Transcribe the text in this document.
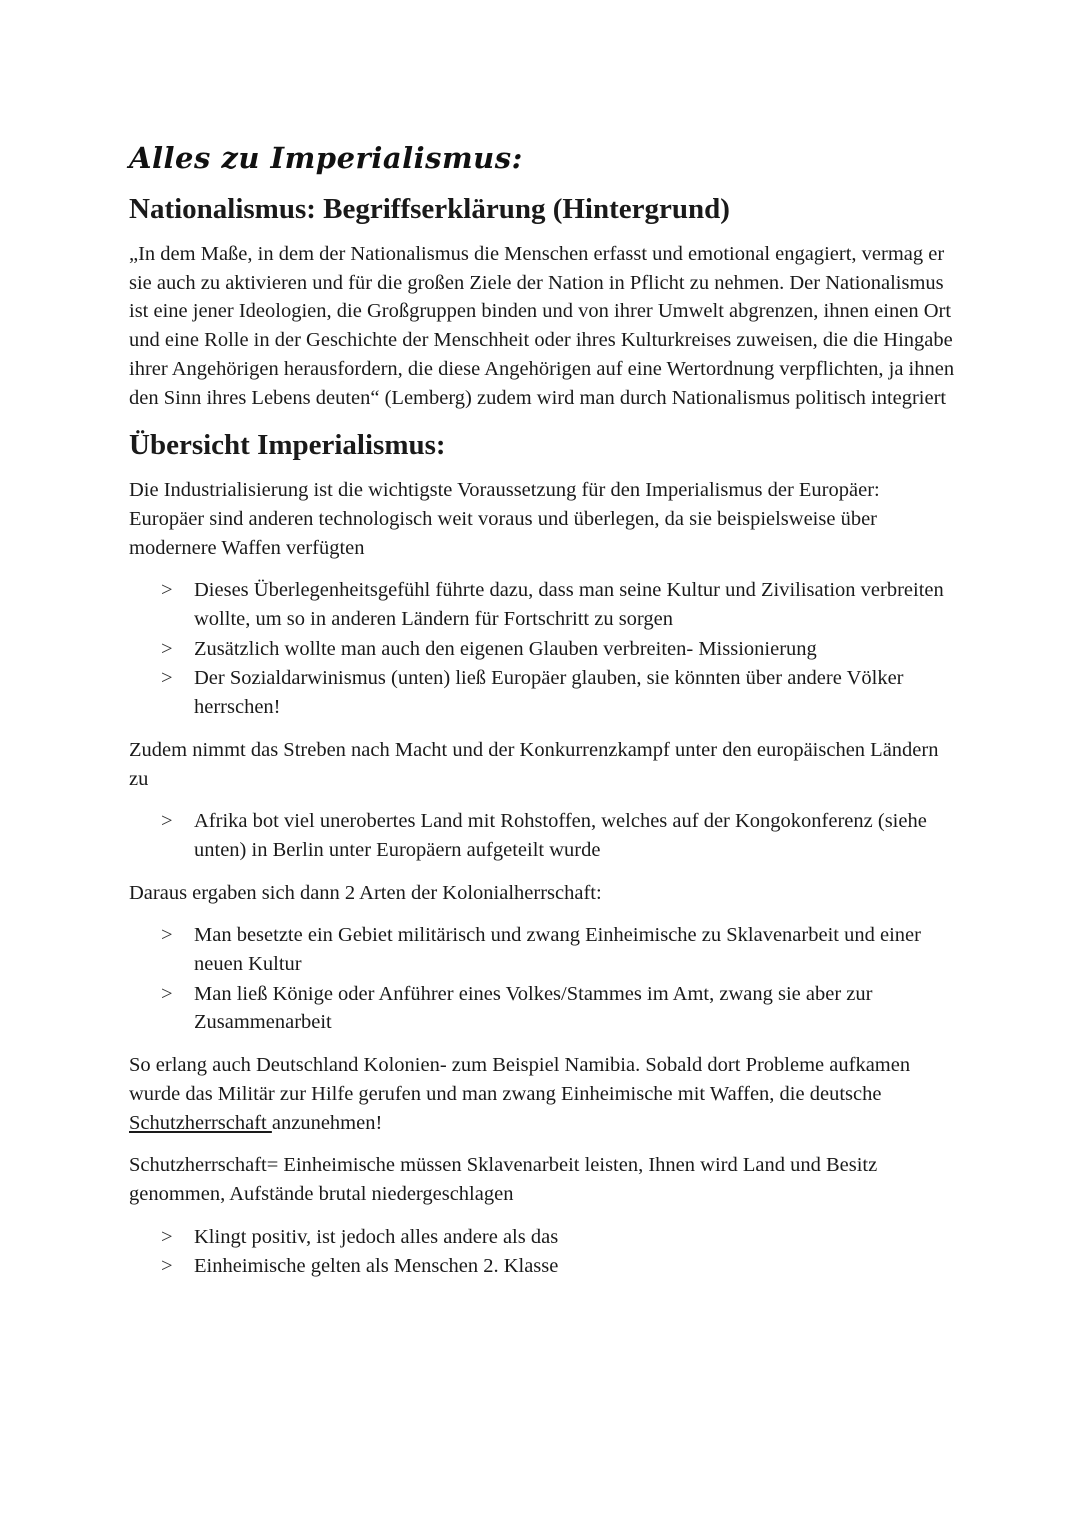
Alles zu Imperialismus:
Nationalismus: Begriffserklärung (Hintergrund)

„In dem Maße, in dem der Nationalismus die Menschen erfasst und emotional engagiert, vermag er sie auch zu aktivieren und für die großen Ziele der Nation in Pflicht zu nehmen. Der Nationalismus ist eine jener Ideologien, die Großgruppen binden und von ihrer Umwelt abgrenzen, ihnen einen Ort und eine Rolle in der Geschichte der Menschheit oder ihres Kulturkreises zuweisen, die die Hingabe ihrer Angehörigen herausfordern, die diese Angehörigen auf eine Wertordnung verpflichten, ja ihnen den Sinn ihres Lebens deuten“ (Lemberg) zudem wird man durch Nationalismus politisch integriert

Übersicht Imperialismus:

Die Industrialisierung ist die wichtigste Voraussetzung für den Imperialismus der Europäer: Europäer sind anderen technologisch weit voraus und überlegen, da sie beispielsweise über modernere Waffen verfügten

> Dieses Überlegenheitsgefühl führte dazu, dass man seine Kultur und Zivilisation verbreiten wollte, um so in anderen Ländern für Fortschritt zu sorgen
> Zusätzlich wollte man auch den eigenen Glauben verbreiten- Missionierung
> Der Sozialdarwinismus (unten) ließ Europäer glauben, sie könnten über andere Völker herrschen!

Zudem nimmt das Streben nach Macht und der Konkurrenzkampf unter den europäischen Ländern zu

> Afrika bot viel unerobertes Land mit Rohstoffen, welches auf der Kongokonferenz (siehe unten) in Berlin unter Europäern aufgeteilt wurde

Daraus ergaben sich dann 2 Arten der Kolonialherrschaft:

> Man besetzte ein Gebiet militärisch und zwang Einheimische zu Sklavenarbeit und einer neuen Kultur
> Man ließ Könige oder Anführer eines Volkes/Stammes im Amt, zwang sie aber zur Zusammenarbeit

So erlang auch Deutschland Kolonien- zum Beispiel Namibia. Sobald dort Probleme aufkamen wurde das Militär zur Hilfe gerufen und man zwang Einheimische mit Waffen, die deutsche Schutzherrschaft anzunehmen!

Schutzherrschaft= Einheimische müssen Sklavenarbeit leisten, Ihnen wird Land und Besitz genommen, Aufstände brutal niedergeschlagen

> Klingt positiv, ist jedoch alles andere als das
> Einheimische gelten als Menschen 2. Klasse
